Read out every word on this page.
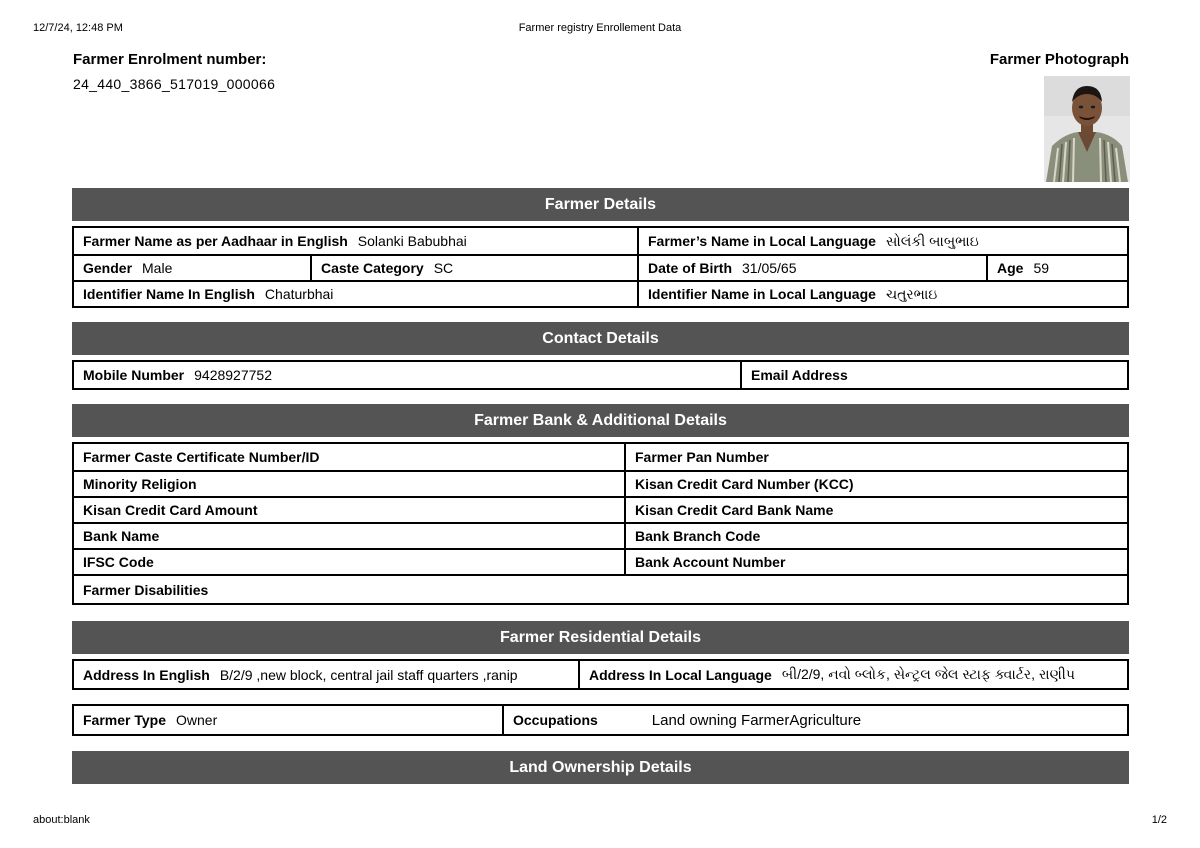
12/7/24, 12:48 PM	Farmer registry Enrollement Data
Farmer Enrolment number:
24_440_3866_517019_000066
Farmer Photograph
Farmer Details
Farmer Name as per Aadhaar in English Solanki Babubhai	Farmer’s Name in Local Language સોલંકી બાબુભાઇ
Gender Male	Caste Category SC	Date of Birth 31/05/65	Age 59
Identifier Name In English Chaturbhai	Identifier Name in Local Language ચતુરભાઇ
Contact Details
Mobile Number 9428927752	Email Address
Farmer Bank & Additional Details
Farmer Caste Certificate Number/ID	Farmer Pan Number
Minority Religion	Kisan Credit Card Number (KCC)
Kisan Credit Card Amount	Kisan Credit Card Bank Name
Bank Name	Bank Branch Code
IFSC Code	Bank Account Number
Farmer Disabilities
Farmer Residential Details
Address In English B/2/9 ,new block, central jail staff quarters ,ranip	Address In Local Language બી/2/9, નવો બ્લોક, સેન્ટ્રલ જેલ સ્ટાફ ક્વાર્ટર, રાણીપ
Farmer Type Owner	Occupations	Land owning FarmerAgriculture
Land Ownership Details
about:blank	1/2
